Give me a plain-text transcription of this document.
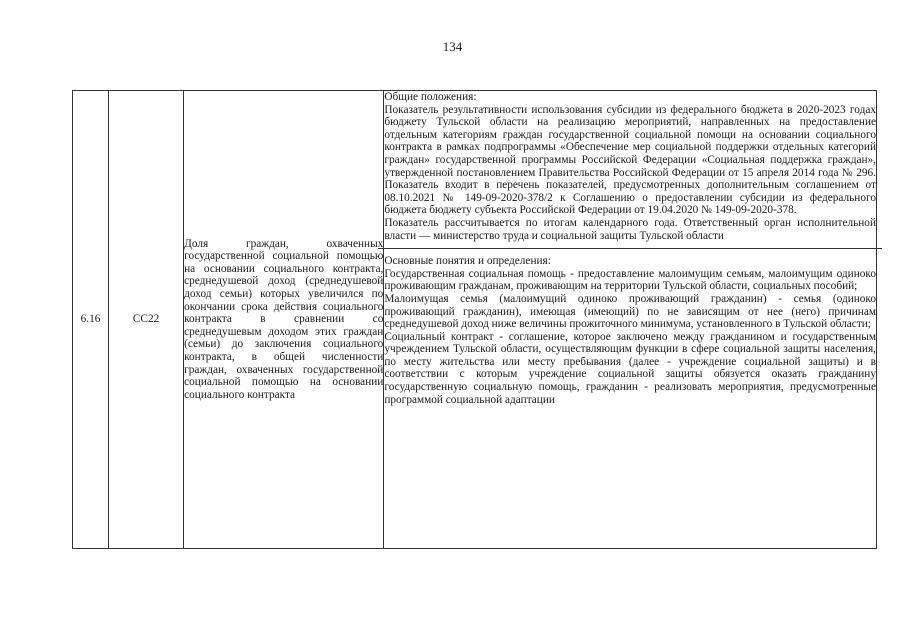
134
6.16	СС22	Доля граждан, охваченных государственной социальной помощью на основании социального контракта, среднедушевой доход (среднедушевой доход семьи) которых увеличился по окончании срока действия социального контракта в сравнении со среднедушевым доходом этих граждан (семьи) до заключения социального контракта, в общей численности граждан, охваченных государственной социальной помощью на основании социального контракта	

Общие положения:

Показатель результативности использования субсидии из федерального бюджета в 2020-2023 годах бюджету Тульской области на реализацию мероприятий, направленных на предоставление отдельным категориям граждан государственной социальной помощи на основании социального контракта в рамках подпрограммы «Обеспечение мер социальной поддержки отдельных категорий граждан» государственной программы Российской Федерации «Социальная поддержка граждан», утвержденной постановлением Правительства Российской Федерации от 15 апреля 2014 года № 296. Показатель входит в перечень показателей, предусмотренных дополнительным соглашением от 08.10.2021 № 149-09-2020-378/2 к Соглашению о предоставлении субсидии из федерального бюджета бюджету субъекта Российской Федерации от 19.04.2020 № 149-09-2020-378.

Показатель рассчитывается по итогам календарного года. Ответственный орган исполнительной власти — министерство труда и социальной защиты Тульской области

Основные понятия и определения:

Государственная социальная помощь - предоставление малоимущим семьям, малоимущим одиноко проживающим гражданам, проживающим на территории Тульской области, социальных пособий;

Малоимущая семья (малоимущий одиноко проживающий гражданин) - семья (одиноко проживающий гражданин), имеющая (имеющий) по не зависящим от нее (него) причинам среднедушевой доход ниже величины прожиточного минимума, установленного в Тульской области;

Социальный контракт - соглашение, которое заключено между гражданином и государственным учреждением Тульской области, осуществляющим функции в сфере социальной защиты населения, по месту жительства или месту пребывания (далее - учреждение социальной защиты) и в соответствии с которым учреждение социальной защиты обязуется оказать гражданину государственную социальную помощь, гражданин - реализовать мероприятия, предусмотренные программой социальной адаптации
